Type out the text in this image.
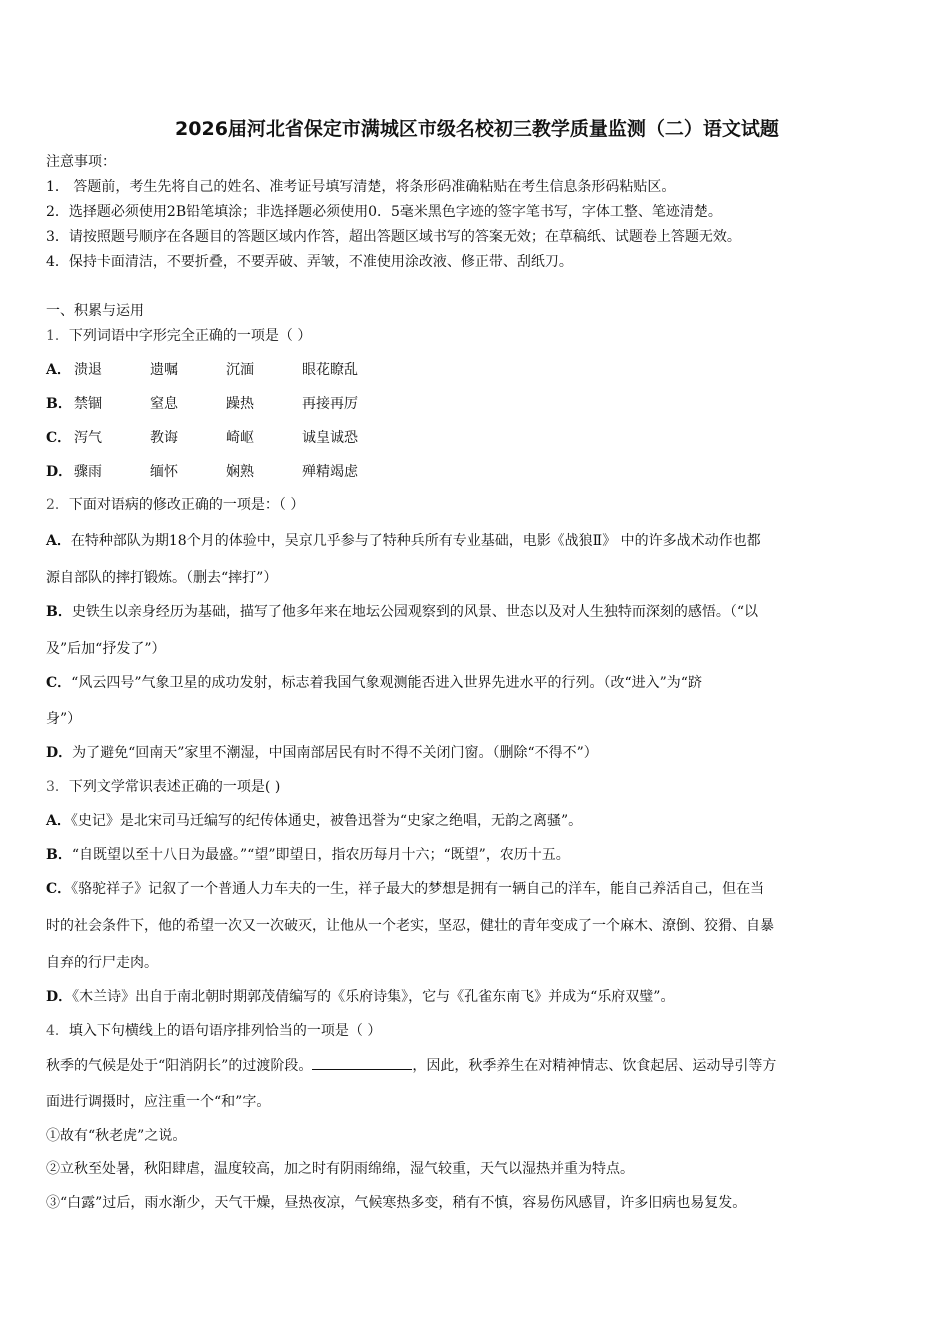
2026届河北省保定市满城区市级名校初三教学质量监测（二）语文试题
注意事项：
1． 答题前，考生先将自己的姓名、准考证号填写清楚，将条形码准确粘贴在考生信息条形码粘贴区。
2．选择题必须使用2B铅笔填涂；非选择题必须使用0．5毫米黑色字迹的签字笔书写，字体工整、笔迹清楚。
3．请按照题号顺序在各题目的答题区域内作答，超出答题区域书写的答案无效；在草稿纸、试题卷上答题无效。
4．保持卡面清洁，不要折叠，不要弄破、弄皱，不准使用涂改液、修正带、刮纸刀。
一、积累与运用
1．下列词语中字形完全正确的一项是（ ）
A． 溃退	遗嘱	沉湎	眼花瞭乱
B． 禁锢	窒息	躁热	再接再厉
C． 泻气	教诲	崎岖	诚皇诚恐
D． 骤雨	缅怀	娴熟	殚精竭虑
2．下面对语病的修改正确的一项是：（ ）
A．在特种部队为期18个月的体验中，吴京几乎参与了特种兵所有专业基础，电影《战狼Ⅱ》 中的许多战术动作也都
源自部队的摔打锻炼。（删去“摔打”）
B．史铁生以亲身经历为基础，描写了他多年来在地坛公园观察到的风景、世态以及对人生独特而深刻的感悟。（“以
及”后加“抒发了”）
C．“风云四号”气象卫星的成功发射，标志着我国气象观测能否进入世界先进水平的行列。（改“进入”为“跻
身”）
D．为了避免“回南天”家里不潮湿，中国南部居民有时不得不关闭门窗。（删除“不得不”）
3．下列文学常识表述正确的一项是( )
A．《史记》是北宋司马迁编写的纪传体通史，被鲁迅誉为“史家之绝唱，无韵之离骚”。
B．“自既望以至十八日为最盛。”“望”即望日，指农历每月十六；“既望”，农历十五。
C．《骆驼祥子》记叙了一个普通人力车夫的一生，祥子最大的梦想是拥有一辆自己的洋车，能自己养活自己，但在当
时的社会条件下，他的希望一次又一次破灭，让他从一个老实，坚忍，健壮的青年变成了一个麻木、潦倒、狡猾、自暴
自弃的行尸走肉。
D．《木兰诗》出自于南北朝时期郭茂倩编写的《乐府诗集》，它与《孔雀东南飞》并成为“乐府双璧”。
4．填入下句横线上的语句语序排列恰当的一项是（ ）
秋季的气候是处于“阳消阴长”的过渡阶段。	，因此，秋季养生在对精神情志、饮食起居、运动导引等方
面进行调摄时，应注重一个“和”字。
①故有“秋老虎”之说。
②立秋至处暑，秋阳肆虐，温度较高，加之时有阴雨绵绵，湿气较重，天气以湿热并重为特点。
③“白露”过后，雨水渐少，天气干燥，昼热夜凉，气候寒热多变，稍有不慎，容易伤风感冒，许多旧病也易复发。
